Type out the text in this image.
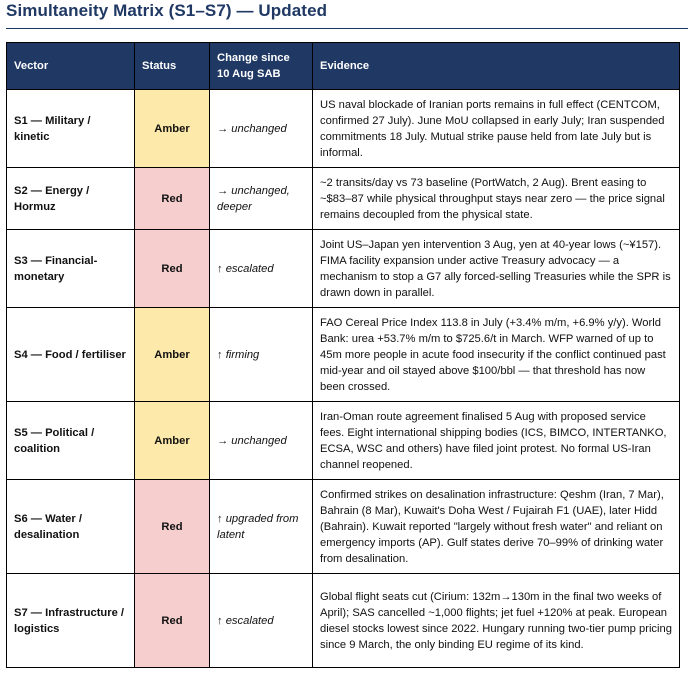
Simultaneity Matrix (S1–S7) — Updated
Vector	Status	Change since 10 Aug SAB	Evidence
S1 — Military / kinetic	Amber	→ unchanged	US naval blockade of Iranian ports remains in full effect (CENTCOM, confirmed 27 July). June MoU collapsed in early July; Iran suspended commitments 18 July. Mutual strike pause held from late July but is informal.
S2 — Energy / Hormuz	Red	→ unchanged, deeper	~2 transits/day vs 73 baseline (PortWatch, 2 Aug). Brent easing to ~$83–87 while physical throughput stays near zero — the price signal remains decoupled from the physical state.
S3 — Financial-monetary	Red	↑ escalated	Joint US–Japan yen intervention 3 Aug, yen at 40-year lows (~¥157). FIMA facility expansion under active Treasury advocacy — a mechanism to stop a G7 ally forced-selling Treasuries while the SPR is drawn down in parallel.
S4 — Food / fertiliser	Amber	↑ firming	FAO Cereal Price Index 113.8 in July (+3.4% m/m, +6.9% y/y). World Bank: urea +53.7% m/m to $725.6/t in March. WFP warned of up to 45m more people in acute food insecurity if the conflict continued past mid-year and oil stayed above $100/bbl — that threshold has now been crossed.
S5 — Political / coalition	Amber	→ unchanged	Iran-Oman route agreement finalised 5 Aug with proposed service fees. Eight international shipping bodies (ICS, BIMCO, INTERTANKO, ECSA, WSC and others) have filed joint protest. No formal US-Iran channel reopened.
S6 — Water / desalination	Red	↑ upgraded from latent	Confirmed strikes on desalination infrastructure: Qeshm (Iran, 7 Mar), Bahrain (8 Mar), Kuwait's Doha West / Fujairah F1 (UAE), later Hidd (Bahrain). Kuwait reported "largely without fresh water" and reliant on emergency imports (AP). Gulf states derive 70–99% of drinking water from desalination.
S7 — Infrastructure / logistics	Red	↑ escalated	Global flight seats cut (Cirium: 132m→130m in the final two weeks of April); SAS cancelled ~1,000 flights; jet fuel +120% at peak. European diesel stocks lowest since 2022. Hungary running two-tier pump pricing since 9 March, the only binding EU regime of its kind.
